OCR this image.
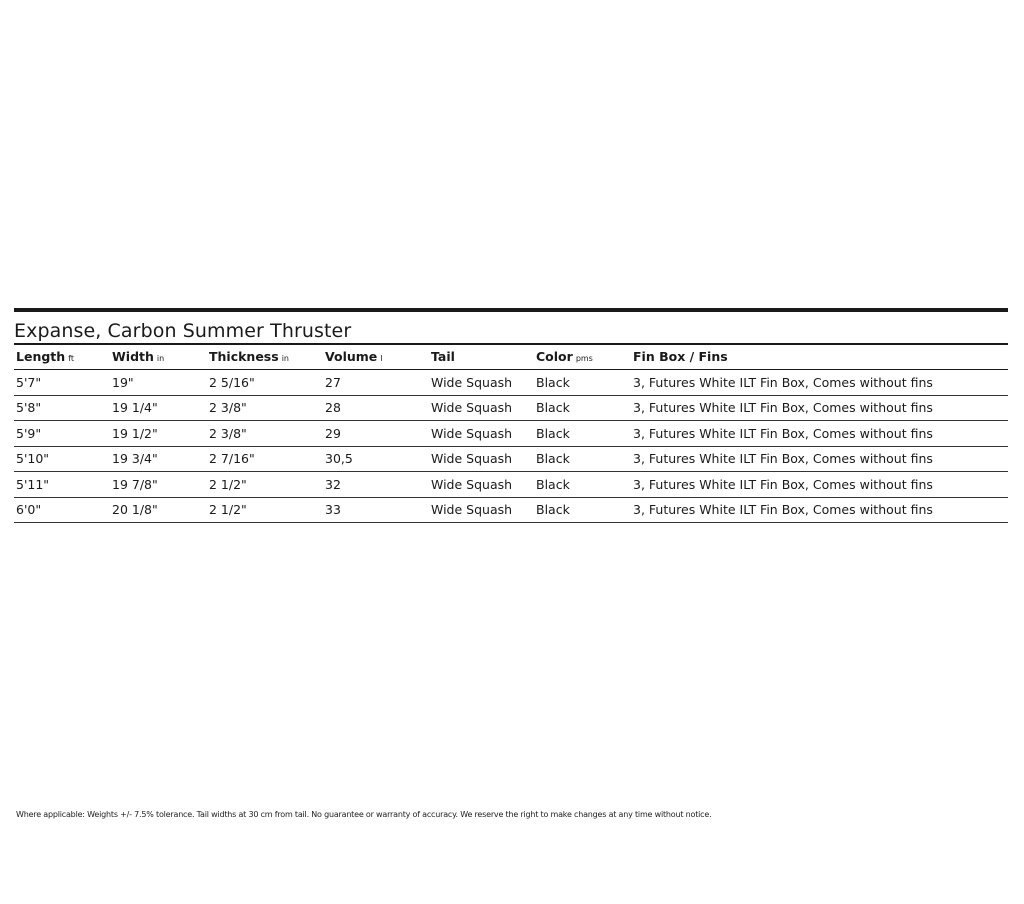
Expanse, Carbon Summer Thruster
Length ft	Width in	Thickness in	Volume l	Tail	Color pms	Fin Box / Fins
5'7"	19"	2 5/16"	27	Wide Squash	Black	3, Futures White ILT Fin Box, Comes without fins
5'8"	19 1/4"	2 3/8"	28	Wide Squash	Black	3, Futures White ILT Fin Box, Comes without fins
5'9"	19 1/2"	2 3/8"	29	Wide Squash	Black	3, Futures White ILT Fin Box, Comes without fins
5'10"	19 3/4"	2 7/16"	30,5	Wide Squash	Black	3, Futures White ILT Fin Box, Comes without fins
5'11"	19 7/8"	2 1/2"	32	Wide Squash	Black	3, Futures White ILT Fin Box, Comes without fins
6'0"	20 1/8"	2 1/2"	33	Wide Squash	Black	3, Futures White ILT Fin Box, Comes without fins
Where applicable: Weights +/- 7.5% tolerance. Tail widths at 30 cm from tail. No guarantee or warranty of accuracy. We reserve the right to make changes at any time without notice.
